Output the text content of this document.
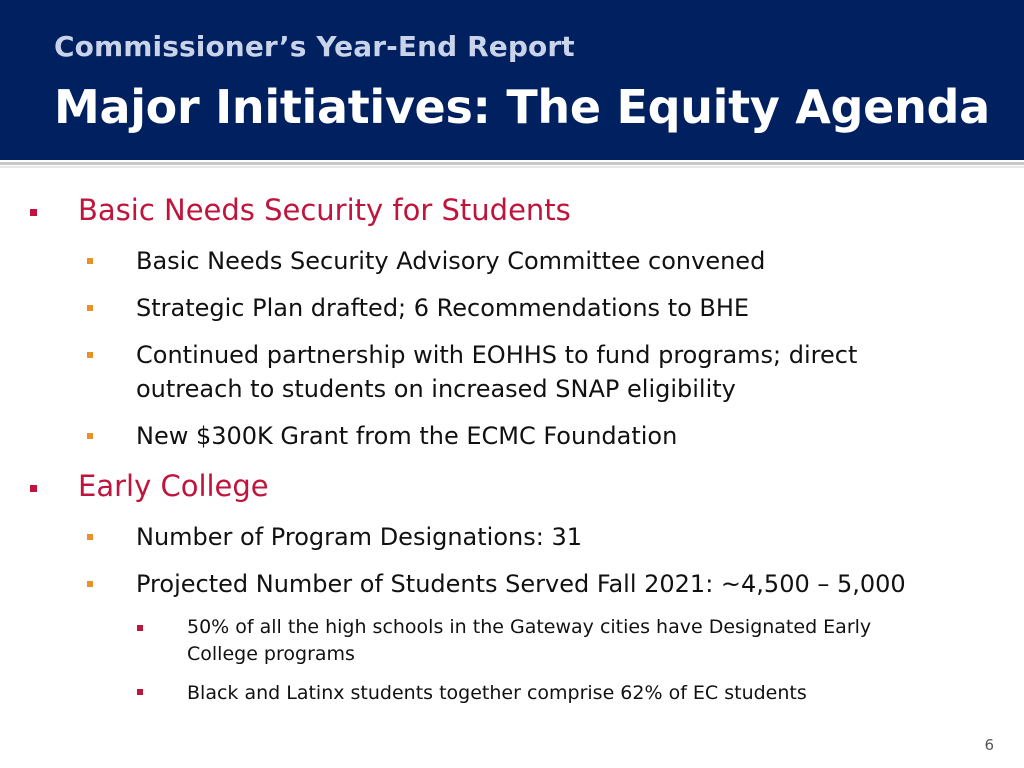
Commissioner’s Year-End Report
Major Initiatives: The Equity Agenda
Basic Needs Security for Students
Basic Needs Security Advisory Committee convened
Strategic Plan drafted; 6 Recommendations to BHE
Continued partnership with EOHHS to fund programs; direct
outreach to students on increased SNAP eligibility
New $300K Grant from the ECMC Foundation
Early College
Number of Program Designations: 31
Projected Number of Students Served Fall 2021: ~4,500 – 5,000
50% of all the high schools in the Gateway cities have Designated Early
College programs
Black and Latinx students together comprise 62% of EC students
6
